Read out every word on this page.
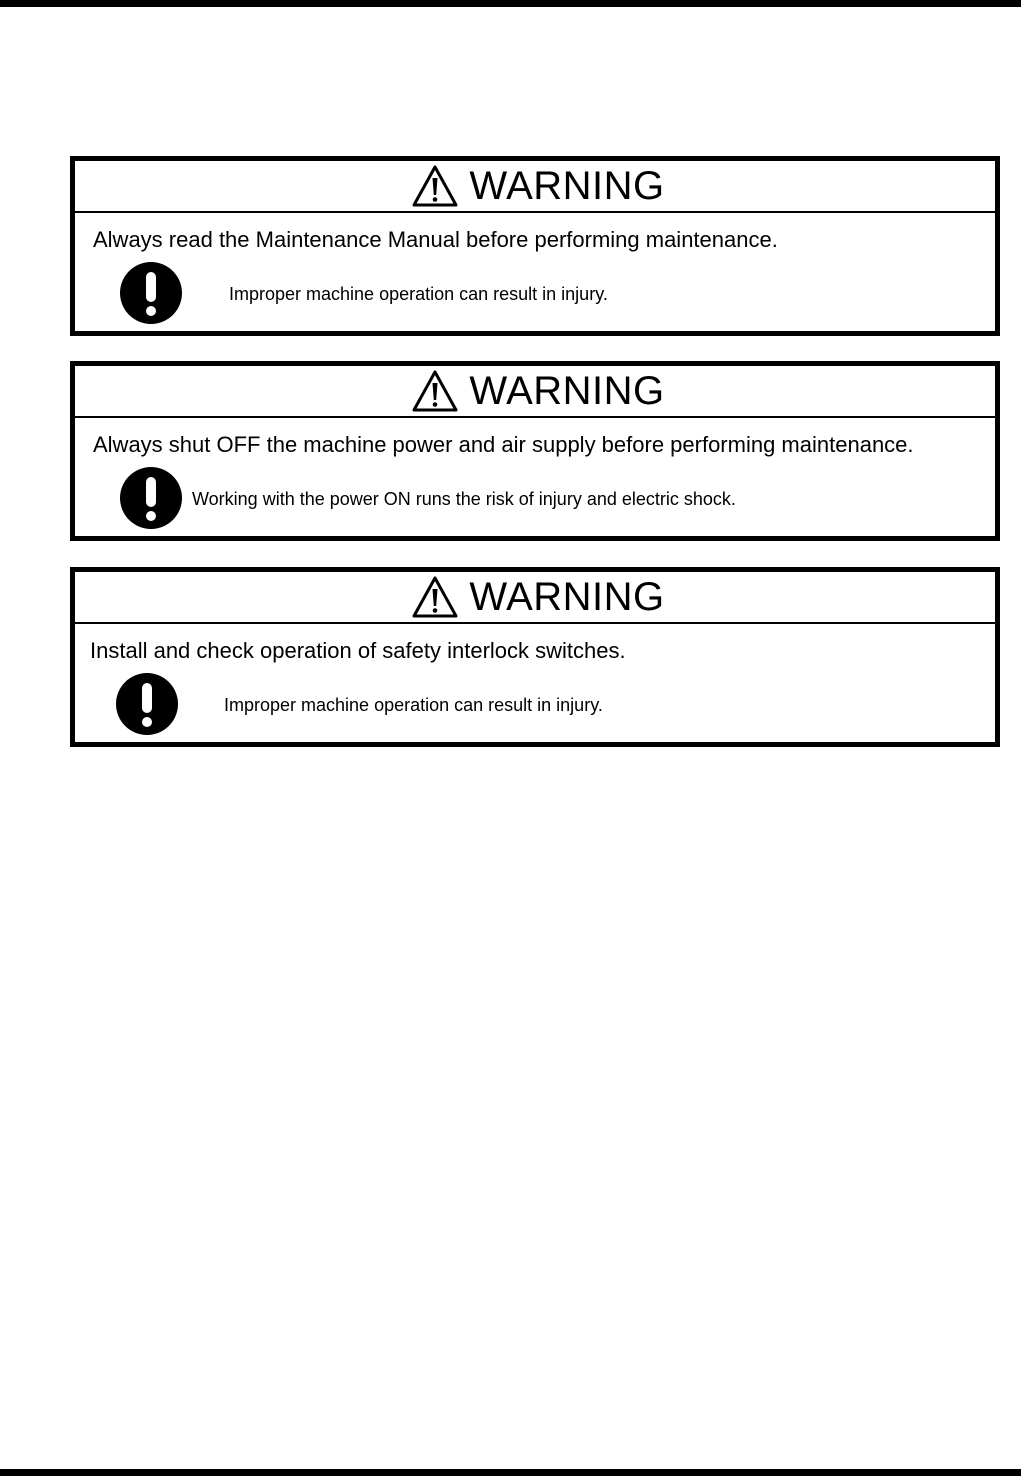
WARNING
Always read the Maintenance Manual before performing maintenance.
Improper machine operation can result in injury.
WARNING
Always shut OFF the machine power and air supply before performing maintenance.
Working with the power ON runs the risk of injury and electric shock.
WARNING
Install and check operation of safety interlock switches.
Improper machine operation can result in injury.
